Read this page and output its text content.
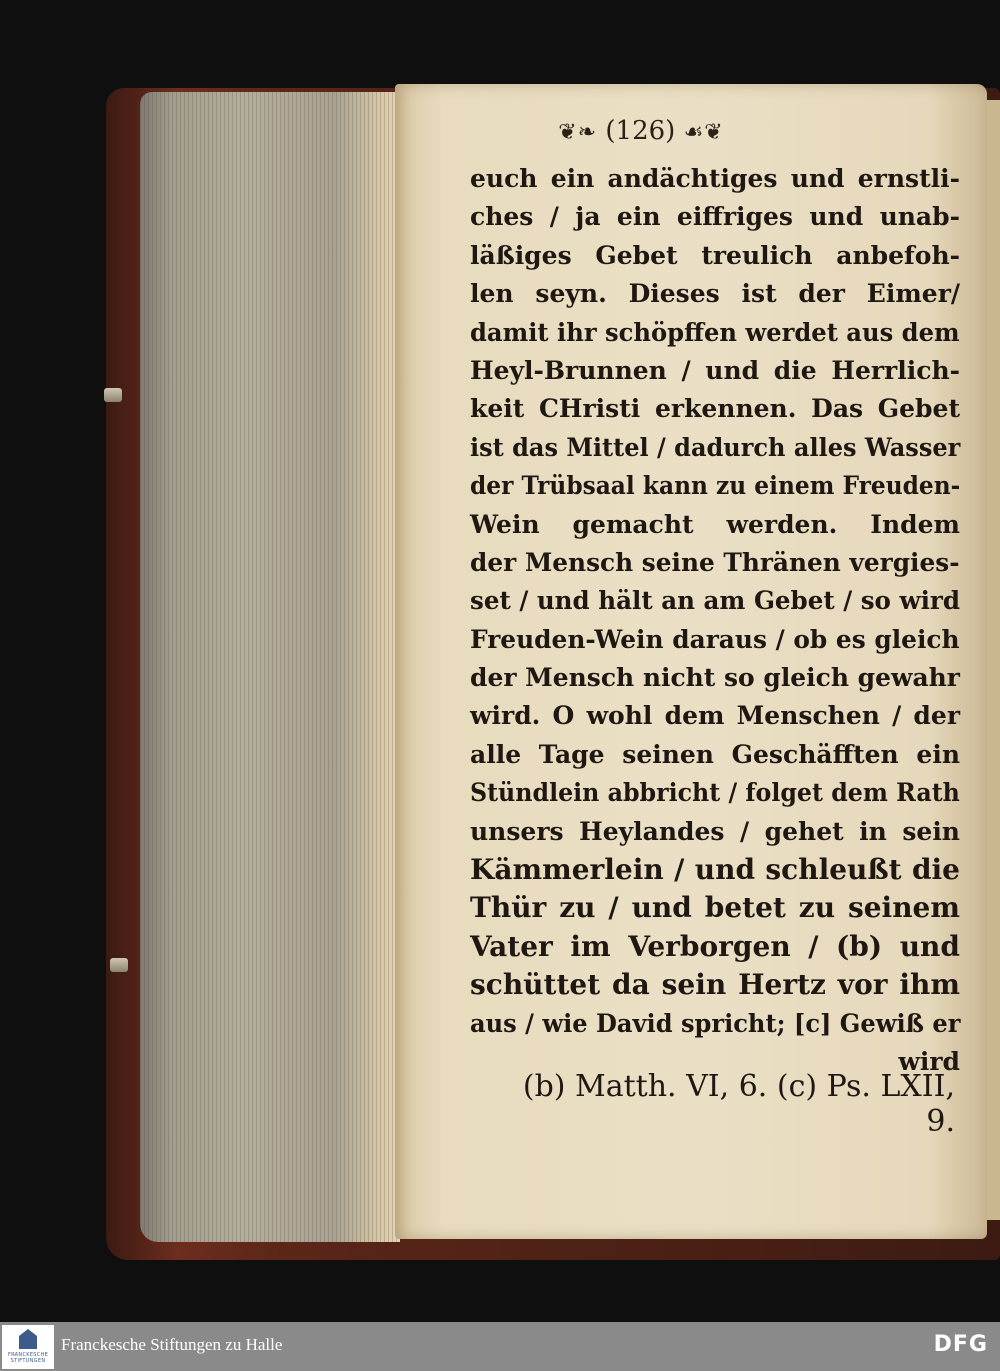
❦❧ (126) ☙❦
euch ein andächtiges und ernstli-
ches / ja ein eiffriges und unab-
läßiges Gebet treulich anbefoh-
len seyn. Dieses ist der Eimer/
damit ihr schöpffen werdet aus dem
Heyl-Brunnen / und die Herrlich-
keit CHristi erkennen. Das Gebet
ist das Mittel / dadurch alles Wasser
der Trübsaal kann zu einem Freuden-
Wein gemacht werden. Indem
der Mensch seine Thränen vergies-
set / und hält an am Gebet / so wird
Freuden-Wein daraus / ob es gleich
der Mensch nicht so gleich gewahr
wird. O wohl dem Menschen / der
alle Tage seinen Geschäfften ein
Stündlein abbricht / folget dem Rath
unsers Heylandes / gehet in sein
Kämmerlein / und schleußt die
Thür zu / und betet zu seinem
Vater im Verborgen / (b) und
schüttet da sein Hertz vor ihm
aus / wie David spricht; [c] Gewiß er
wird
(b) Matth. VI, 6. (c) Ps. LXII, 9.
FRANCKESCHE STIFTUNGEN
Franckesche Stiftungen zu Halle	DFG
